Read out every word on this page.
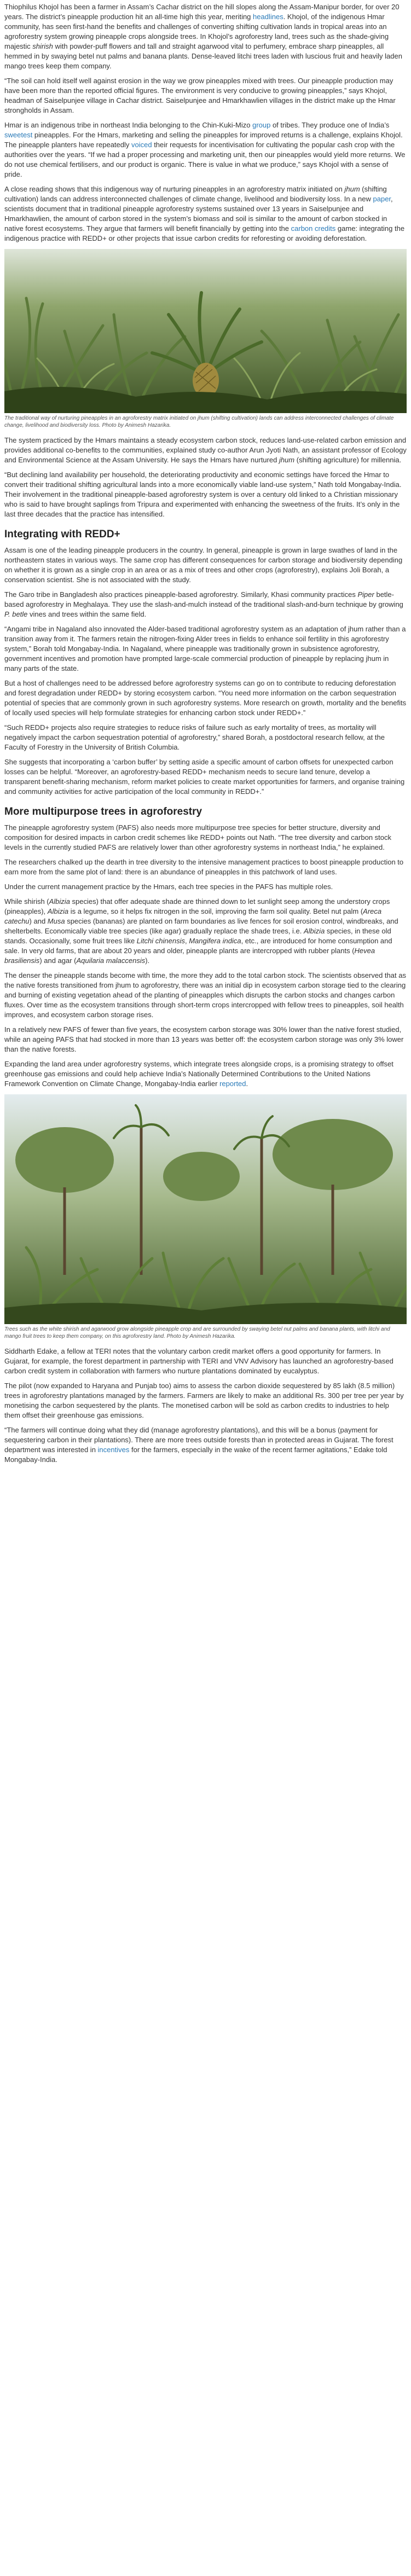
Thiophilus Khojol has been a farmer in Assam’s Cachar district on the hill slopes along the Assam-Manipur border, for over 20 years. The district’s pineapple production hit an all-time high this year, meriting headlines. Khojol, of the indigenous Hmar community, has seen first-hand the benefits and challenges of converting shifting cultivation lands in tropical areas into an agroforestry system growing pineapple crops alongside trees. In Khojol’s agroforestry land, trees such as the shade-giving majestic shirish with powder-puff flowers and tall and straight agarwood vital to perfumery, embrace sharp pineapples, all hemmed in by swaying betel nut palms and banana plants. Dense-leaved litchi trees laden with luscious fruit and heavily laden mango trees keep them company.

“The soil can hold itself well against erosion in the way we grow pineapples mixed with trees. Our pineapple production may have been more than the reported official figures. The environment is very conducive to growing pineapples,” says Khojol, headman of Saiselpunjee village in Cachar district. Saiselpunjee and Hmarkhawlien villages in the district make up the Hmar strongholds in Assam.

Hmar is an indigenous tribe in northeast India belonging to the Chin-Kuki-Mizo group of tribes. They produce one of India’s sweetest pineapples. For the Hmars, marketing and selling the pineapples for improved returns is a challenge, explains Khojol. The pineapple planters have repeatedly voiced their requests for incentivisation for cultivating the popular cash crop with the authorities over the years. “If we had a proper processing and marketing unit, then our pineapples would yield more returns. We do not use chemical fertilisers, and our product is organic. There is value in what we produce,” says Khojol with a sense of pride.

A close reading shows that this indigenous way of nurturing pineapples in an agroforestry matrix initiated on jhum (shifting cultivation) lands can address interconnected challenges of climate change, livelihood and biodiversity loss. In a new paper, scientists document that in traditional pineapple agroforestry systems sustained over 13 years in Saiselpunjee and Hmarkhawlien, the amount of carbon stored in the system’s biomass and soil is similar to the amount of carbon stocked in native forest ecosystems. They argue that farmers will benefit financially by getting into the carbon credits game: integrating the indigenous practice with REDD+ or other projects that issue carbon credits for reforesting or avoiding deforestation.

The traditional way of nurturing pineapples in an agroforestry matrix initiated on jhum (shifting cultivation) lands can address interconnected challenges of climate change, livelihood and biodiversity loss. Photo by Animesh Hazarika.

The system practiced by the Hmars maintains a steady ecosystem carbon stock, reduces land-use-related carbon emission and provides additional co-benefits to the communities, explained study co-author Arun Jyoti Nath, an assistant professor of Ecology and Environmental Science at the Assam University. He says the Hmars have nurtured jhum (shifting agriculture) for millennia.

“But declining land availability per household, the deteriorating productivity and economic settings have forced the Hmar to convert their traditional shifting agricultural lands into a more economically viable land-use system,” Nath told Mongabay-India. Their involvement in the traditional pineapple-based agroforestry system is over a century old linked to a Christian missionary who is said to have brought saplings from Tripura and experimented with enhancing the sweetness of the fruits. It’s only in the last three decades that the practice has intensified.

Integrating with REDD+

Assam is one of the leading pineapple producers in the country. In general, pineapple is grown in large swathes of land in the northeastern states in various ways. The same crop has different consequences for carbon storage and biodiversity depending on whether it is grown as a single crop in an area or as a mix of trees and other crops (agroforestry), explains Joli Borah, a conservation scientist. She is not associated with the study.

The Garo tribe in Bangladesh also practices pineapple-based agroforestry. Similarly, Khasi community practices Piper betle-based agroforestry in Meghalaya. They use the slash-and-mulch instead of the traditional slash-and-burn technique by growing P. betle vines and trees within the same field.

“Angami tribe in Nagaland also innovated the Alder-based traditional agroforestry system as an adaptation of jhum rather than a transition away from it. The farmers retain the nitrogen-fixing Alder trees in fields to enhance soil fertility in this agroforestry system,” Borah told Mongabay-India. In Nagaland, where pineapple was traditionally grown in subsistence agroforestry, government incentives and promotion have prompted large-scale commercial production of pineapple by replacing jhum in many parts of the state.

But a host of challenges need to be addressed before agroforestry systems can go on to contribute to reducing deforestation and forest degradation under REDD+ by storing ecosystem carbon. “You need more information on the carbon sequestration potential of species that are commonly grown in such agroforestry systems. More research on growth, mortality and the benefits of locally used species will help formulate strategies for enhancing carbon stock under REDD+.”

“Such REDD+ projects also require strategies to reduce risks of failure such as early mortality of trees, as mortality will negatively impact the carbon sequestration potential of agroforestry,” shared Borah, a postdoctoral research fellow, at the Faculty of Forestry in the University of British Columbia.

She suggests that incorporating a ‘carbon buffer’ by setting aside a specific amount of carbon offsets for unexpected carbon losses can be helpful. “Moreover, an agroforestry-based REDD+ mechanism needs to secure land tenure, develop a transparent benefit-sharing mechanism, reform market policies to create market opportunities for farmers, and organise training and community activities for active participation of the local community in REDD+.”

More multipurpose trees in agroforestry

The pineapple agroforestry system (PAFS) also needs more multipurpose tree species for better structure, diversity and composition for desired impacts in carbon credit schemes like REDD+ points out Nath. “The tree diversity and carbon stock levels in the currently studied PAFS are relatively lower than other agroforestry systems in northeast India,” he explained.

The researchers chalked up the dearth in tree diversity to the intensive management practices to boost pineapple production to earn more from the same plot of land: there is an abundance of pineapples in this patchwork of land uses.

Under the current management practice by the Hmars, each tree species in the PAFS has multiple roles.

While shirish (Albizia species) that offer adequate shade are thinned down to let sunlight seep among the understory crops (pineapples), Albizia is a legume, so it helps fix nitrogen in the soil, improving the farm soil quality. Betel nut palm (Areca catechu) and Musa species (bananas) are planted on farm boundaries as live fences for soil erosion control, windbreaks, and shelterbelts. Economically viable tree species (like agar) gradually replace the shade trees, i.e. Albizia species, in these old stands. Occasionally, some fruit trees like Litchi chinensis, Mangifera indica, etc., are introduced for home consumption and sale. In very old farms, that are about 20 years and older, pineapple plants are intercropped with rubber plants (Hevea brasiliensis) and agar (Aquilaria malaccensis).

The denser the pineapple stands become with time, the more they add to the total carbon stock. The scientists observed that as the native forests transitioned from jhum to agroforestry, there was an initial dip in ecosystem carbon storage tied to the clearing and burning of existing vegetation ahead of the planting of pineapples which disrupts the carbon stocks and changes carbon fluxes. Over time as the ecosystem transitions through short-term crops intercropped with fellow trees to pineapples, soil health improves, and ecosystem carbon storage rises.

In a relatively new PAFS of fewer than five years, the ecosystem carbon storage was 30% lower than the native forest studied, while an ageing PAFS that had stocked in more than 13 years was better off: the ecosystem carbon storage was only 3% lower than the native forests.

Expanding the land area under agroforestry systems, which integrate trees alongside crops, is a promising strategy to offset greenhouse gas emissions and could help achieve India’s Nationally Determined Contributions to the United Nations Framework Convention on Climate Change, Mongabay-India earlier reported.

Trees such as the white shirish and agarwood grow alongside pineapple crop and are surrounded by swaying betel nut palms and banana plants, with litchi and mango fruit trees to keep them company, on this agroforestry land. Photo by Animesh Hazarika.

Siddharth Edake, a fellow at TERI notes that the voluntary carbon credit market offers a good opportunity for farmers. In Gujarat, for example, the forest department in partnership with TERI and VNV Advisory has launched an agroforestry-based carbon credit system in collaboration with farmers who nurture plantations dominated by eucalyptus.

The pilot (now expanded to Haryana and Punjab too) aims to assess the carbon dioxide sequestered by 85 lakh (8.5 million) trees in agroforestry plantations managed by the farmers. Farmers are likely to make an additional Rs. 300 per tree per year by monetising the carbon sequestered by the plants. The monetised carbon will be sold as carbon credits to industries to help them offset their greenhouse gas emissions.

“The farmers will continue doing what they did (manage agroforestry plantations), and this will be a bonus (payment for sequestering carbon in their plantations). There are more trees outside forests than in protected areas in Gujarat. The forest department was interested in incentives for the farmers, especially in the wake of the recent farmer agitations,” Edake told Mongabay-India.
